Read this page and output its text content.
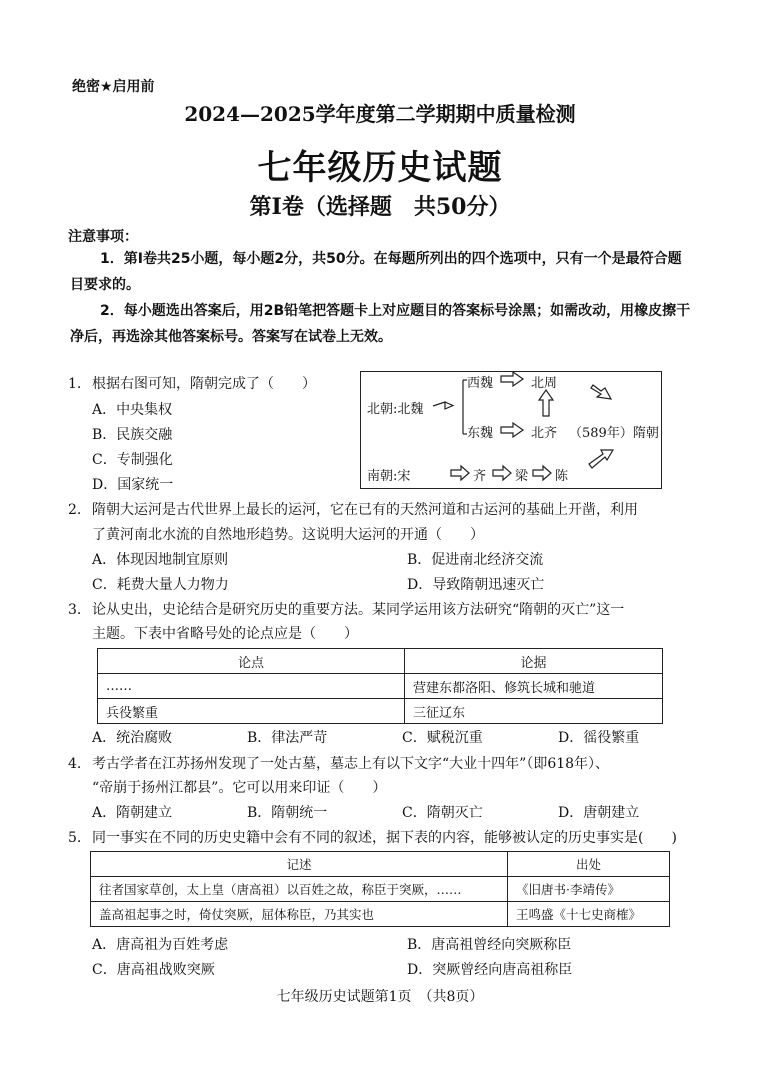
绝密★启用前
2024—2025学年度第二学期期中质量检测
七年级历史试题
第Ⅰ卷（选择题　共50分）
注意事项：
1．第Ⅰ卷共25小题，每小题2分，共50分。在每题所列出的四个选项中，只有一个是最符合题目要求的。
2．每小题选出答案后，用2B铅笔把答题卡上对应题目的答案标号涂黑；如需改动，用橡皮擦干净后，再选涂其他答案标号。答案写在试卷上无效。
1. 根据右图可知，隋朝完成了（　　）
A．中央集权
B．民族交融
C．专制强化
D．国家统一
北朝:北魏
西魏	北周
东魏	北齐 （589年）隋朝
南朝:宋	齐 梁 陈
2. 隋朝大运河是古代世界上最长的运河，它在已有的天然河道和古运河的基础上开凿，利用
了黄河南北水流的自然地形趋势。这说明大运河的开通（　　）
A．体现因地制宜原则	B．促进南北经济交流
C．耗费大量人力物力	D．导致隋朝迅速灭亡
3. 论从史出，史论结合是研究历史的重要方法。某同学运用该方法研究“隋朝的灭亡”这一
主题。下表中省略号处的论点应是（　　）
论点	论据
……	营建东都洛阳、修筑长城和驰道
兵役繁重	三征辽东
A．统治腐败	B．律法严苛	C．赋税沉重	D．徭役繁重
4. 考古学者在江苏扬州发现了一处古墓，墓志上有以下文字“大业十四年”（即618年）、
“帝崩于扬州江都县”。它可以用来印证（　　）
A．隋朝建立	B．隋朝统一	C．隋朝灭亡	D．唐朝建立
5. 同一事实在不同的历史史籍中会有不同的叙述，据下表的内容，能够被认定的历史事实是(　　)
记述	出处
往者国家草创，太上皇（唐高祖）以百姓之故，称臣于突厥，……	《旧唐书·李靖传》
盖高祖起事之时，倚仗突厥，屈体称臣，乃其实也	王鸣盛《十七史商榷》
A．唐高祖为百姓考虑	B．唐高祖曾经向突厥称臣
C．唐高祖战败突厥	D．突厥曾经向唐高祖称臣
七年级历史试题第1页　（共8页）
